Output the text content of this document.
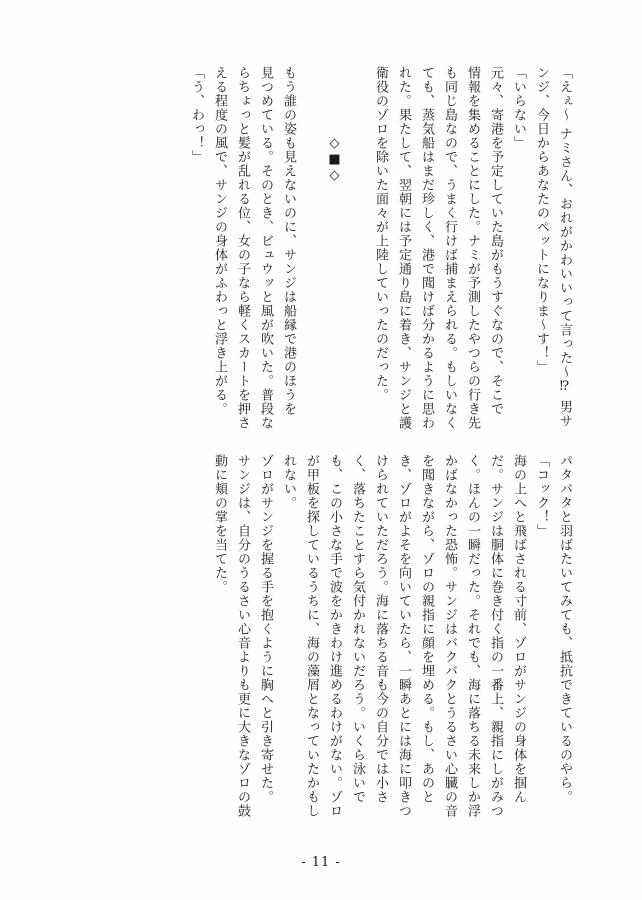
「えぇ〜 ナミさん、おれがかわいいって言った〜⁉ 男サ
ンジ、今日からあなたのペットになりま〜す！」
「いらない」
元々、寄港を予定していた島がもうすぐなので、そこで
情報を集めることにした。ナミが予測したやつらの行き先
も同じ島なので、うまく行けば捕まえられる。もしいなく
ても、蒸気船はまだ珍しく、港で聞けば分かるように思わ
れた。果たして、翌朝には予定通り島に着き、サンジと護
衛役のゾロを除いた面々が上陸していったのだった。
◇■◇
もう誰の姿も見えないのに、サンジは船縁で港のほうを
見つめている。そのとき、ビュウッと風が吹いた。普段な
らちょっと髪が乱れる位、女の子なら軽くスカートを押さ
える程度の風で、サンジの身体がふわっと浮き上がる。
「う、わっ！」
パタパタと羽ばたいてみても、抵抗できているのやら。
「コック！」
海の上へと飛ばされる寸前、ゾロがサンジの身体を掴ん
だ。サンジは胴体に巻き付く指の一番上、親指にしがみつ
く。ほんの一瞬だった。それでも、海に落ちる未来しか浮
かばなかった恐怖。サンジはバクバクとうるさい心臓の音
を聞きながら、ゾロの親指に顔を埋める。もし、あのと
き、ゾロがよそを向いていたら、一瞬あとには海に叩きつ
けられていただろう。海に落ちる音も今の自分では小さ
く、落ちたことすら気付かれないだろう。いくら泳いで
も、この小さな手で波をかきわけ進めるわけがない。ゾロ
が甲板を探しているうちに、海の藻屑となっていたかもし
れない。
ゾロがサンジを握る手を抱くように胸へと引き寄せた。
サンジは、自分のうるさい心音よりも更に大きなゾロの鼓
動に頬の掌を当てた。
- 11 -
